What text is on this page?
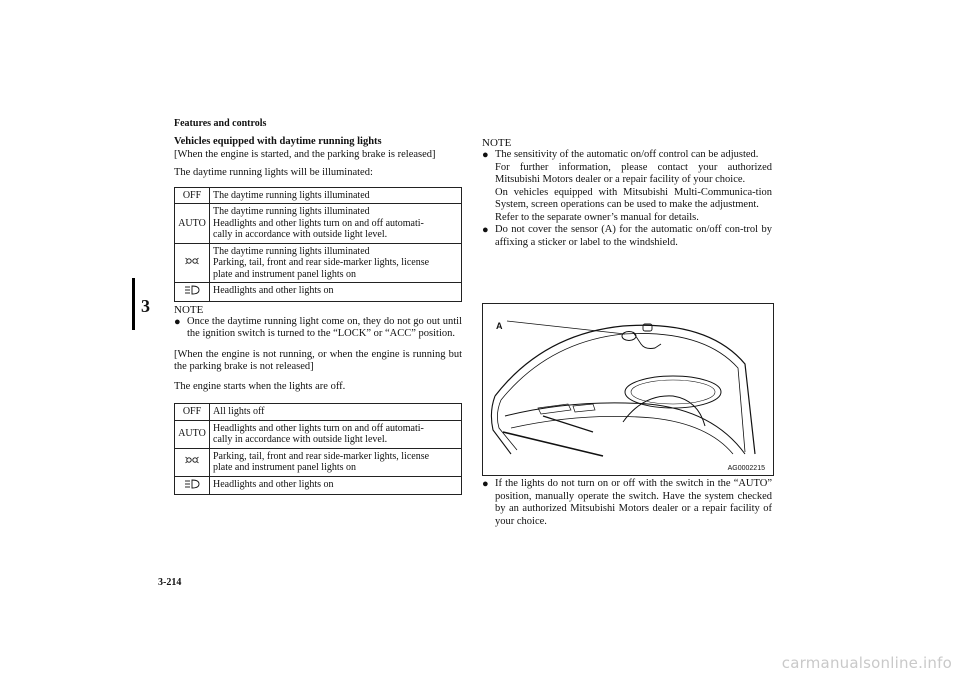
Features and controls
3
3-214

Vehicles equipped with daytime running lights

[When the engine is started, and the parking brake is released]

The daytime running lights will be illuminated:

OFF	The daytime running lights illuminated
AUTO	The daytime running lights illuminated
Headlights and other lights turn on and off automati-
cally in accordance with outside light level.
	The daytime running lights illuminated
Parking, tail, front and rear side-marker lights, license
plate and instrument panel lights on
	Headlights and other lights on
NOTE
● Once the daytime running light come on, they do not go out until the ignition switch is turned to the “LOCK” or “ACC” position.

[When the engine is not running, or when the engine is running but the parking brake is not released]

The engine starts when the lights are off.

OFF	All lights off
AUTO	Headlights and other lights turn on and off automati-
cally in accordance with outside light level.
	Parking, tail, front and rear side-marker lights, license
plate and instrument panel lights on
	Headlights and other lights on
NOTE
● The sensitivity of the automatic on/off control can be adjusted.
For further information, please contact your authorized Mitsubishi Motors dealer or a repair facility of your choice.
On vehicles equipped with Mitsubishi Multi-Communica-tion System, screen operations can be used to make the adjustment.
Refer to the separate owner’s manual for details.
● Do not cover the sensor (A) for the automatic on/off con-trol by affixing a sticker or label to the windshield.
A
AG0002215
● If the lights do not turn on or off with the switch in the “AUTO” position, manually operate the switch. Have the system checked by an authorized Mitsubishi Motors dealer or a repair facility of your choice.
carmanualsonline.info
